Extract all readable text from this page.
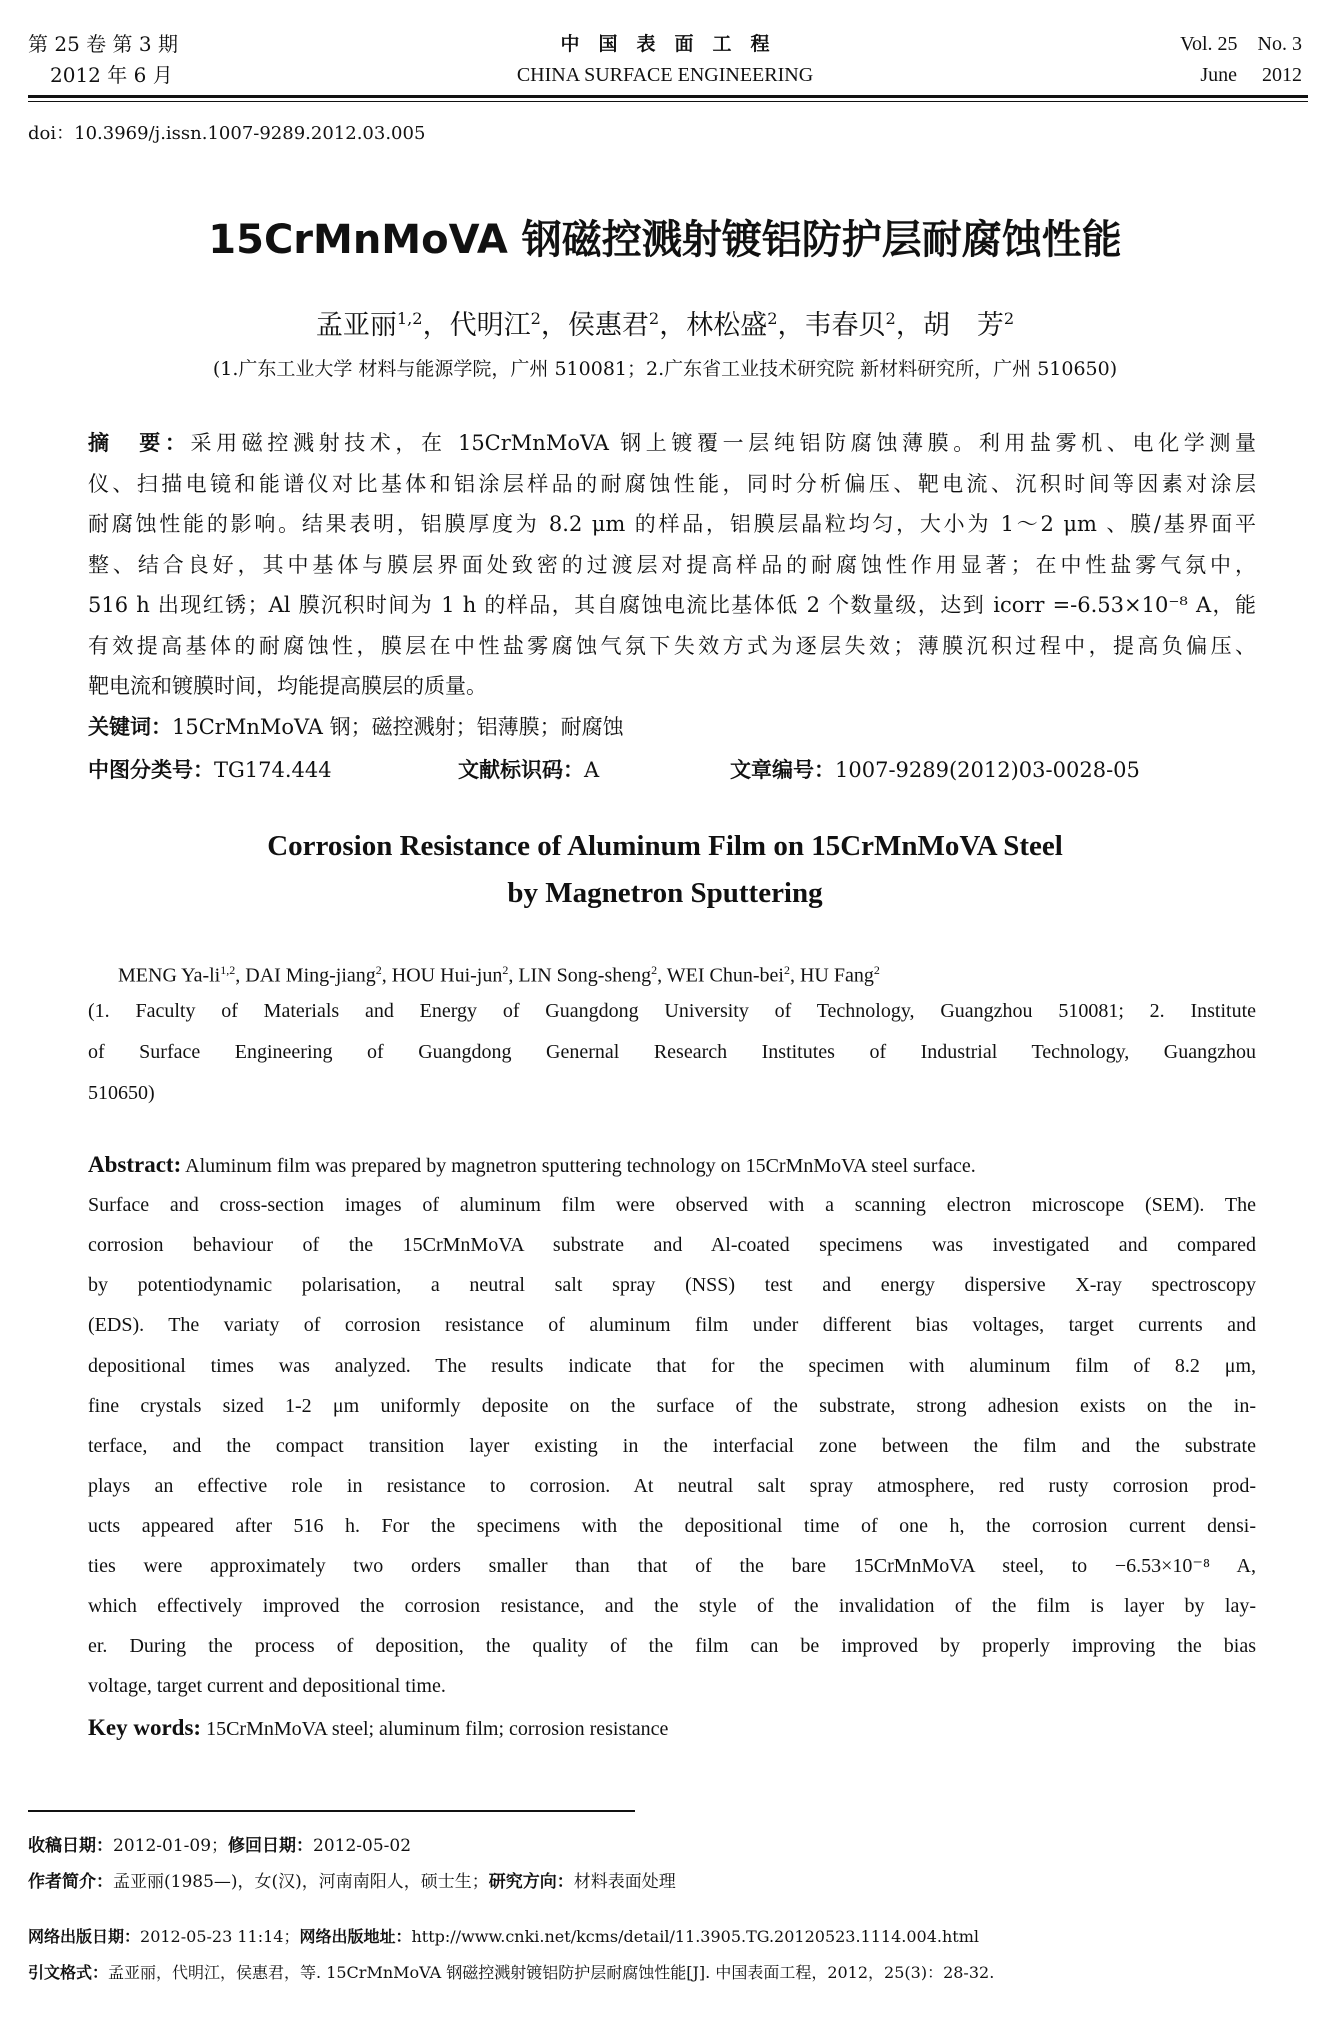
第 25 卷 第 3 期
2012 年 6 月
中　国　表　面　工　程
CHINA SURFACE ENGINEERING
Vol. 25　No. 3
June　 2012
doi：10.3969/j.issn.1007-9289.2012.03.005
15CrMnMoVA 钢磁控溅射镀铝防护层耐腐蚀性能
孟亚丽$^{1,2}$，代明江$^2$，侯惠君$^2$，林松盛$^2$，韦春贝$^2$，胡　芳$^2$
(1.广东工业大学 材料与能源学院，广州 510081；2.广东省工业技术研究院 新材料研究所，广州 510650)
摘　要：采用磁控溅射技术，在 15CrMnMoVA 钢上镀覆一层纯铝防腐蚀薄膜。利用盐雾机、电化学测量
仪、扫描电镜和能谱仪对比基体和铝涂层样品的耐腐蚀性能，同时分析偏压、靶电流、沉积时间等因素对涂层
耐腐蚀性能的影响。结果表明，铝膜厚度为 8.2 μm 的样品，铝膜层晶粒均匀，大小为 1～2 μm 、膜/基界面平
整、结合良好，其中基体与膜层界面处致密的过渡层对提高样品的耐腐蚀性作用显著；在中性盐雾气氛中，
516 h 出现红锈；Al 膜沉积时间为 1 h 的样品，其自腐蚀电流比基体低 2 个数量级，达到 icorr =-6.53×10⁻⁸ A，能
有效提高基体的耐腐蚀性，膜层在中性盐雾腐蚀气氛下失效方式为逐层失效；薄膜沉积过程中，提高负偏压、
靶电流和镀膜时间，均能提高膜层的质量。
关键词：15CrMnMoVA 钢；磁控溅射；铝薄膜；耐腐蚀
中图分类号：TG174.444	文献标识码：A	文章编号：1007-9289(2012)03-0028-05
Corrosion Resistance of Aluminum Film on 15CrMnMoVA Steel
by Magnetron Sputtering
MENG Ya-li$^{1,2}$, DAI Ming-jiang$^2$, HOU Hui-jun$^2$, LIN Song-sheng$^2$, WEI Chun-bei$^2$, HU Fang$^2$
(1. Faculty of Materials and Energy of Guangdong University of Technology, Guangzhou 510081; 2. Institute
of Surface Engineering of Guangdong Genernal Research Institutes of Industrial Technology, Guangzhou
510650)
Abstract: Aluminum film was prepared by magnetron sputtering technology on 15CrMnMoVA steel surface.
Surface and cross-section images of aluminum film were observed with a scanning electron microscope (SEM). The
corrosion behaviour of the 15CrMnMoVA substrate and Al-coated specimens was investigated and compared
by potentiodynamic polarisation, a neutral salt spray (NSS) test and energy dispersive X-ray spectroscopy
(EDS). The variaty of corrosion resistance of aluminum film under different bias voltages, target currents and
depositional times was analyzed. The results indicate that for the specimen with aluminum film of 8.2 μm,
fine crystals sized 1-2 μm uniformly deposite on the surface of the substrate, strong adhesion exists on the in-
terface, and the compact transition layer existing in the interfacial zone between the film and the substrate
plays an effective role in resistance to corrosion. At neutral salt spray atmosphere, red rusty corrosion prod-
ucts appeared after 516 h. For the specimens with the depositional time of one h, the corrosion current densi-
ties were approximately two orders smaller than that of the bare 15CrMnMoVA steel, to −6.53×10⁻⁸ A,
which effectively improved the corrosion resistance, and the style of the invalidation of the film is layer by lay-
er. During the process of deposition, the quality of the film can be improved by properly improving the bias
voltage, target current and depositional time.
Key words: 15CrMnMoVA steel; aluminum film; corrosion resistance
收稿日期：2012-01-09；修回日期：2012-05-02
作者简介：孟亚丽(1985—)，女(汉)，河南南阳人，硕士生；研究方向：材料表面处理
网络出版日期：2012-05-23 11:14；网络出版地址：http://www.cnki.net/kcms/detail/11.3905.TG.20120523.1114.004.html
引文格式：孟亚丽，代明江，侯惠君，等. 15CrMnMoVA 钢磁控溅射镀铝防护层耐腐蚀性能[J]. 中国表面工程，2012，25(3)：28-32.
